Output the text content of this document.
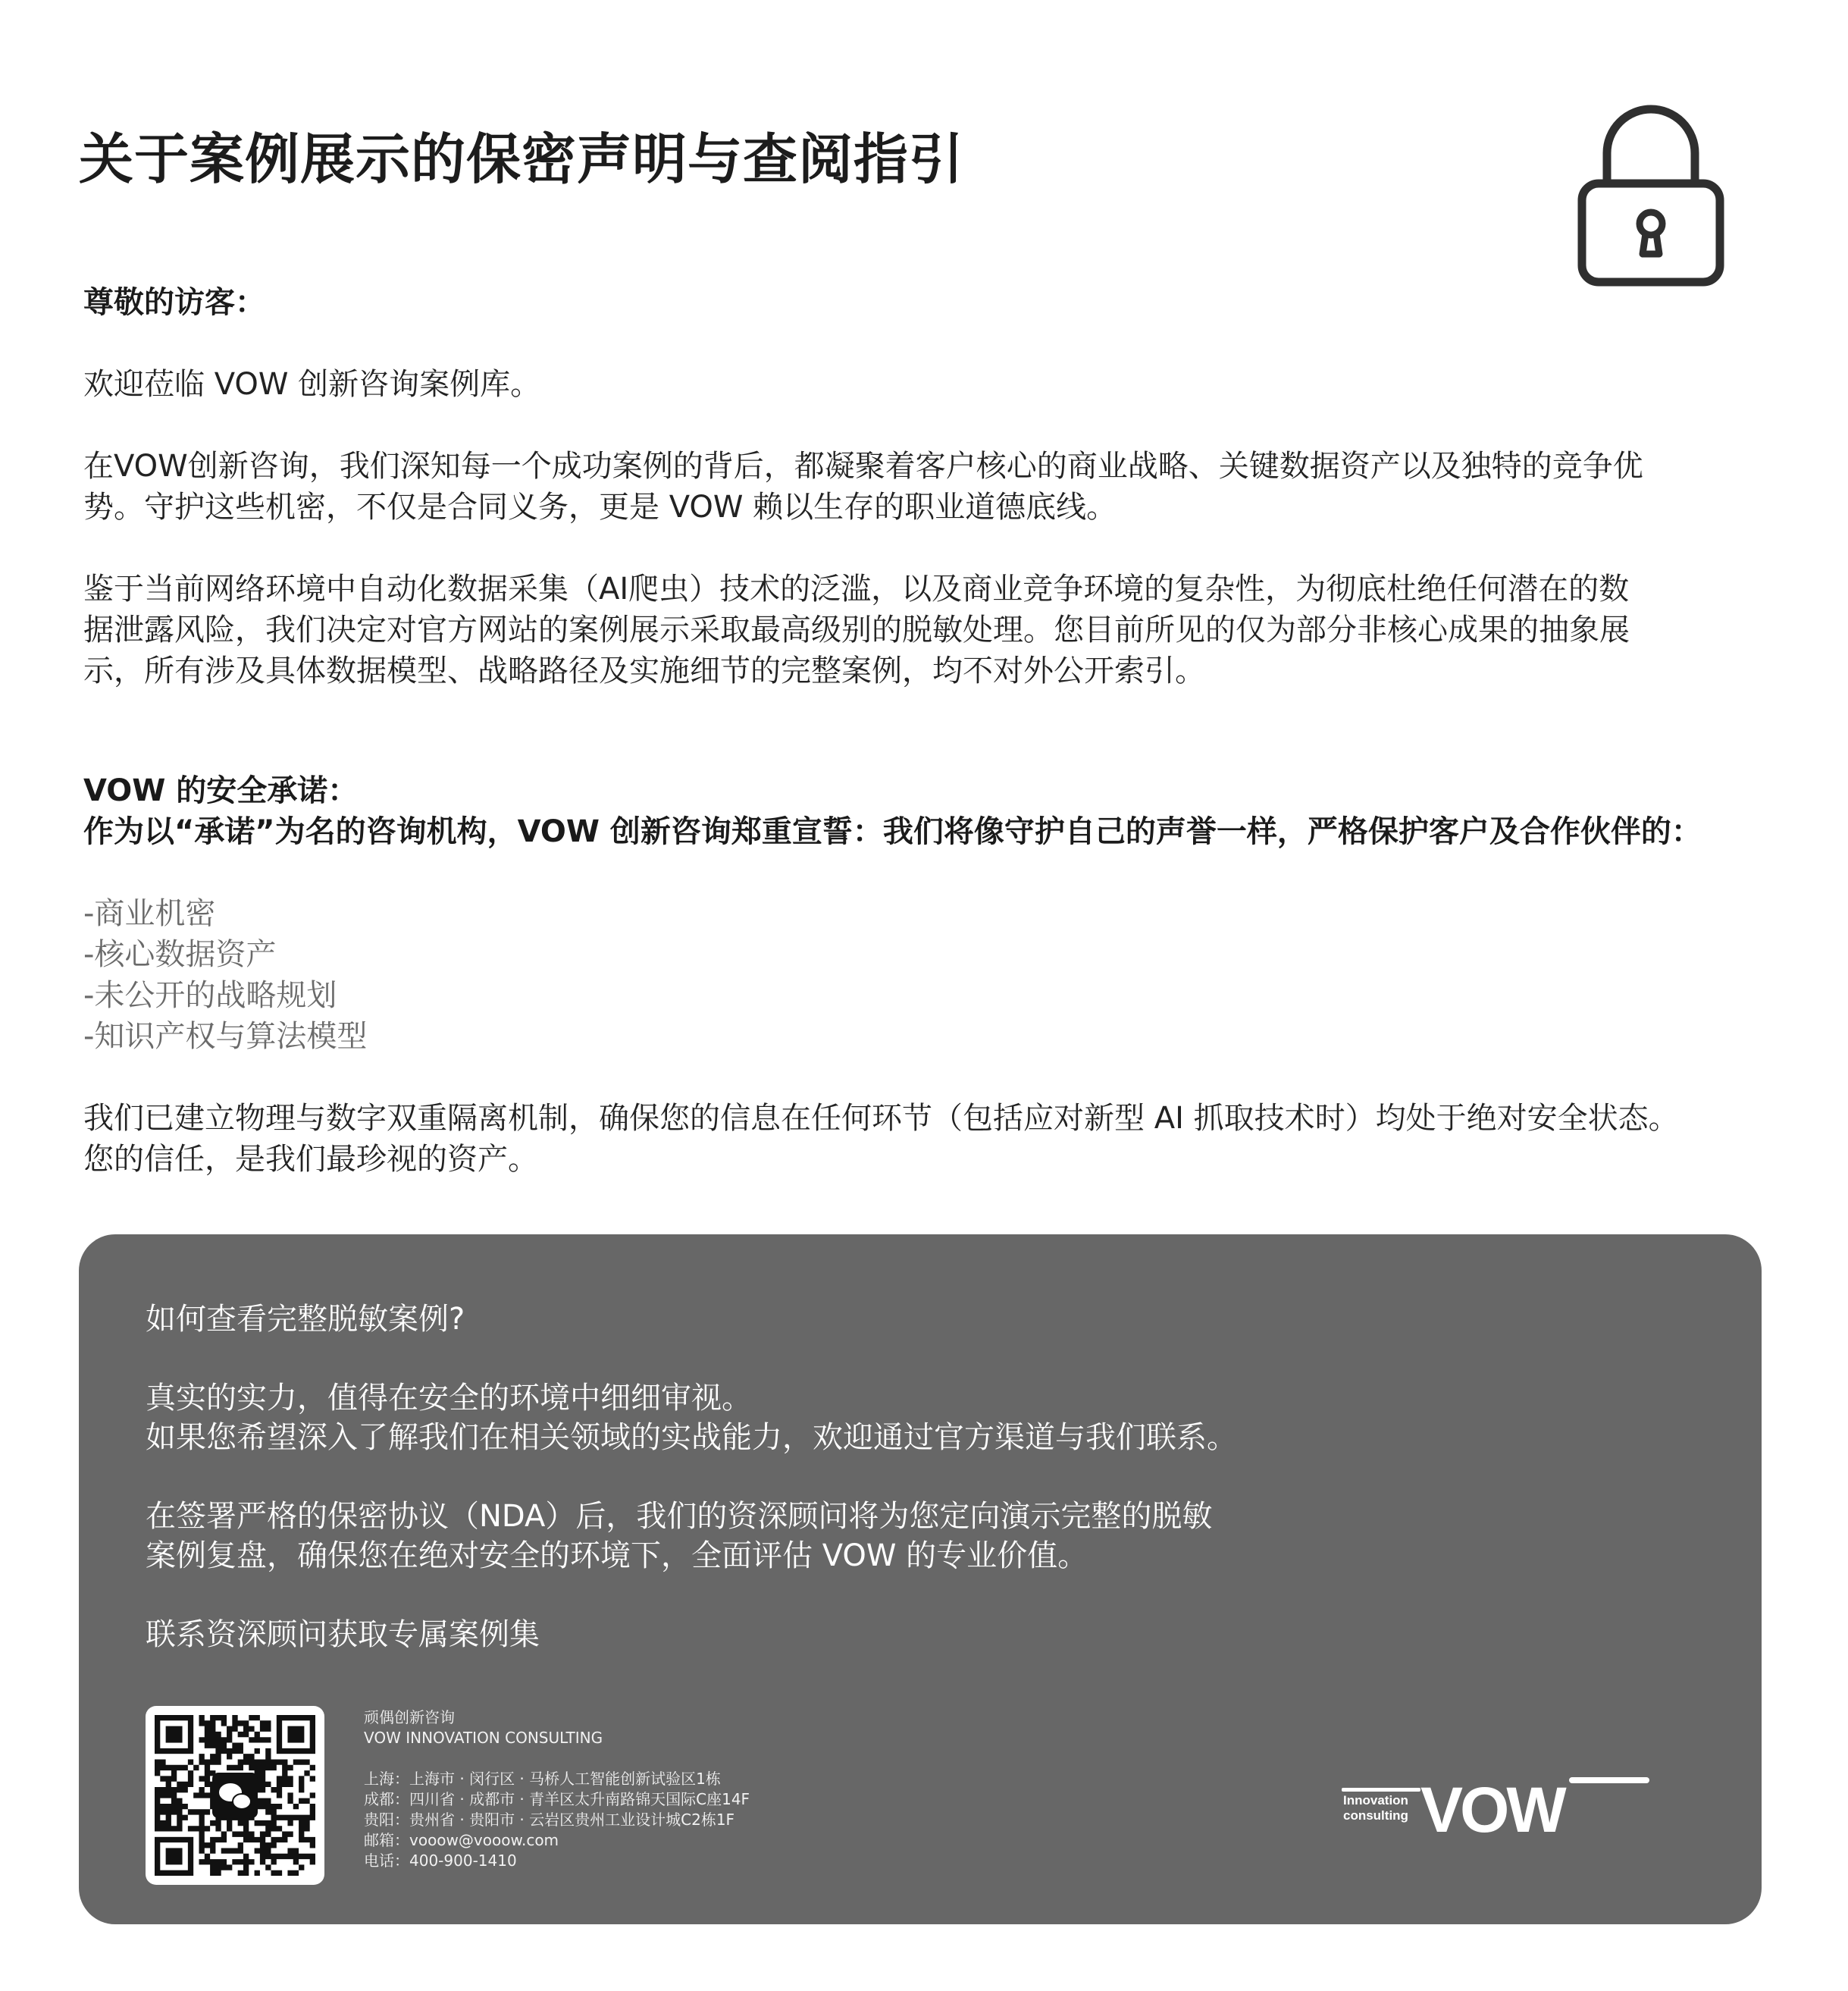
关于案例展示的保密声明与查阅指引

尊敬的访客：

欢迎莅临 VOW 创新咨询案例库。

在VOW创新咨询，我们深知每一个成功案例的背后，都凝聚着客户核心的商业战略、关键数据资产以及独特的竞争优

势。守护这些机密，不仅是合同义务，更是 VOW 赖以生存的职业道德底线。

鉴于当前网络环境中自动化数据采集（AI爬虫）技术的泛滥，以及商业竞争环境的复杂性，为彻底杜绝任何潜在的数

据泄露风险，我们决定对官方网站的案例展示采取最高级别的脱敏处理。您目前所见的仅为部分非核心成果的抽象展

示，所有涉及具体数据模型、战略路径及实施细节的完整案例，均不对外公开索引。

VOW 的安全承诺：

作为以“承诺”为名的咨询机构，VOW 创新咨询郑重宣誓：我们将像守护自己的声誉一样，严格保护客户及合作伙伴的：

-商业机密

-核心数据资产

-未公开的战略规划

-知识产权与算法模型

我们已建立物理与数字双重隔离机制，确保您的信息在任何环节（包括应对新型 AI 抓取技术时）均处于绝对安全状态。

您的信任，是我们最珍视的资产。

如何查看完整脱敏案例?

真实的实力，值得在安全的环境中细细审视。

如果您希望深入了解我们在相关领域的实战能力，欢迎通过官方渠道与我们联系。

在签署严格的保密协议（NDA）后，我们的资深顾问将为您定向演示完整的脱敏

案例复盘，确保您在绝对安全的环境下，全面评估 VOW 的专业价值。

联系资深顾问获取专属案例集

顽偶创新咨询

VOW INNOVATION CONSULTING

上海：上海市 · 闵行区 · 马桥人工智能创新试验区1栋

成都：四川省 · 成都市 · 青羊区太升南路锦天国际C座14F

贵阳：贵州省 · 贵阳市 · 云岩区贵州工业设计城C2栋1F

邮箱：vooow@vooow.com

电话：400-900-1410

Innovation
consulting VOW
